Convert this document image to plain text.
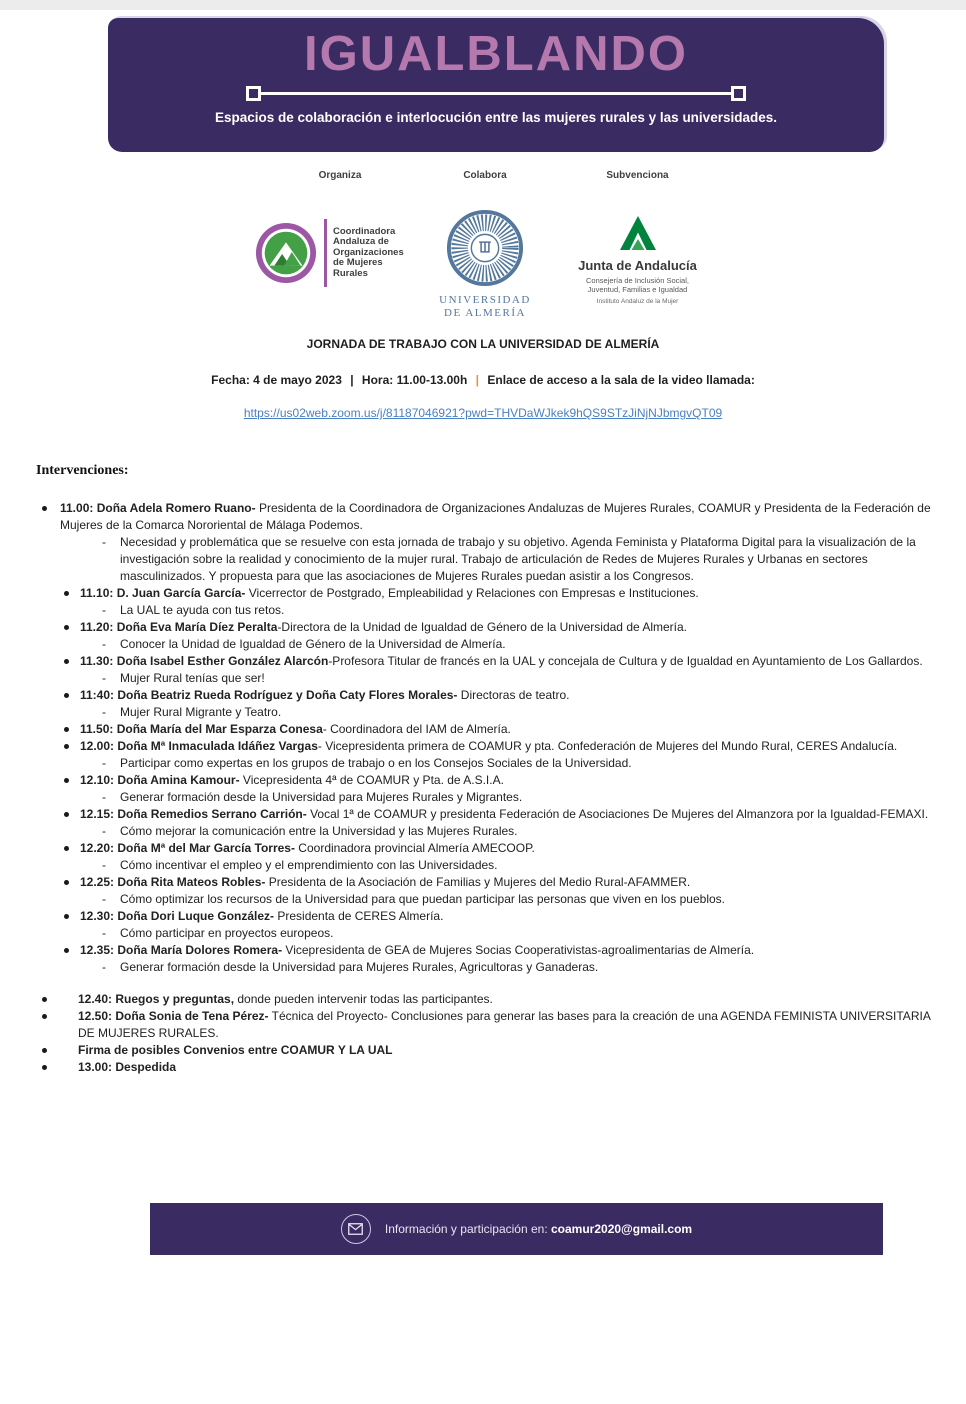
IGUALBLANDO
Espacios de colaboración e interlocución entre las mujeres rurales y las universidades.
Organiza
Coordinadora
Andaluza de
Organizaciones
de Mujeres
Rurales
Colabora
UNIVERSIDAD
DE ALMERÍA
Subvenciona
Junta de Andalucía
Consejería de Inclusión Social,
Juventud, Familias e Igualdad
Instituto Andaluz de la Mujer
JORNADA DE TRABAJO CON LA UNIVERSIDAD DE ALMERÍA
Fecha: 4 de mayo 2023 | Hora: 11.00-13.00h | Enlace de acceso a la sala de la video llamada:
https://us02web.zoom.us/j/81187046921?pwd=THVDaWJkek9hQS9STzJiNjNJbmgvQT09
Intervenciones:
11.00: Doña Adela Romero Ruano- Presidenta de la Coordinadora de Organizaciones Andaluzas de Mujeres Rurales, COAMUR y Presidenta de la Federación de Mujeres de la Comarca Nororiental de Málaga Podemos.
-	Necesidad y problemática que se resuelve con esta jornada de trabajo y su objetivo. Agenda Feminista y Plataforma Digital para la visualización de la investigación sobre la realidad y conocimiento de la mujer rural. Trabajo de articulación de Redes de Mujeres Rurales y Urbanas en sectores masculinizados. Y propuesta para que las asociaciones de Mujeres Rurales puedan asistir a los Congresos.
11.10: D. Juan García García- Vicerrector de Postgrado, Empleabilidad y Relaciones con Empresas e Instituciones.
-	La UAL te ayuda con tus retos.
11.20: Doña Eva María Díez Peralta-Directora de la Unidad de Igualdad de Género de la Universidad de Almería.
-	Conocer la Unidad de Igualdad de Género de la Universidad de Almería.
11.30: Doña Isabel Esther González Alarcón-Profesora Titular de francés en la UAL y concejala de Cultura y de Igualdad en Ayuntamiento de Los Gallardos.
-	Mujer Rural tenías que ser!
11:40: Doña Beatriz Rueda Rodríguez y Doña Caty Flores Morales- Directoras de teatro.
-	Mujer Rural Migrante y Teatro.
11.50: Doña María del Mar Esparza Conesa- Coordinadora del IAM de Almería.
12.00: Doña Mª Inmaculada Idáñez Vargas- Vicepresidenta primera de COAMUR y pta. Confederación de Mujeres del Mundo Rural, CERES Andalucía.
-	Participar como expertas en los grupos de trabajo o en los Consejos Sociales de la Universidad.
12.10: Doña Amina Kamour- Vicepresidenta 4ª de COAMUR y Pta. de A.S.I.A.
-	Generar formación desde la Universidad para Mujeres Rurales y Migrantes.
12.15: Doña Remedios Serrano Carrión- Vocal 1ª de COAMUR y presidenta Federación de Asociaciones De Mujeres del Almanzora por la Igualdad-FEMAXI.
-	Cómo mejorar la comunicación entre la Universidad y las Mujeres Rurales.
12.20: Doña Mª del Mar García Torres- Coordinadora provincial Almería AMECOOP.
-	Cómo incentivar el empleo y el emprendimiento con las Universidades.
12.25: Doña Rita Mateos Robles- Presidenta de la Asociación de Familias y Mujeres del Medio Rural-AFAMMER.
-	Cómo optimizar los recursos de la Universidad para que puedan participar las personas que viven en los pueblos.
12.30: Doña Dori Luque González- Presidenta de CERES Almería.
-	Cómo participar en proyectos europeos.
12.35: Doña María Dolores Romera- Vicepresidenta de GEA de Mujeres Socias Cooperativistas-agroalimentarias de Almería.
-	Generar formación desde la Universidad para Mujeres Rurales, Agricultoras y Ganaderas.
12.40: Ruegos y preguntas, donde pueden intervenir todas las participantes.
12.50: Doña Sonia de Tena Pérez- Técnica del Proyecto- Conclusiones para generar las bases para la creación de una AGENDA FEMINISTA UNIVERSITARIA DE MUJERES RURALES.
Firma de posibles Convenios entre COAMUR Y LA UAL
13.00: Despedida
Información y participación en: coamur2020@gmail.com
